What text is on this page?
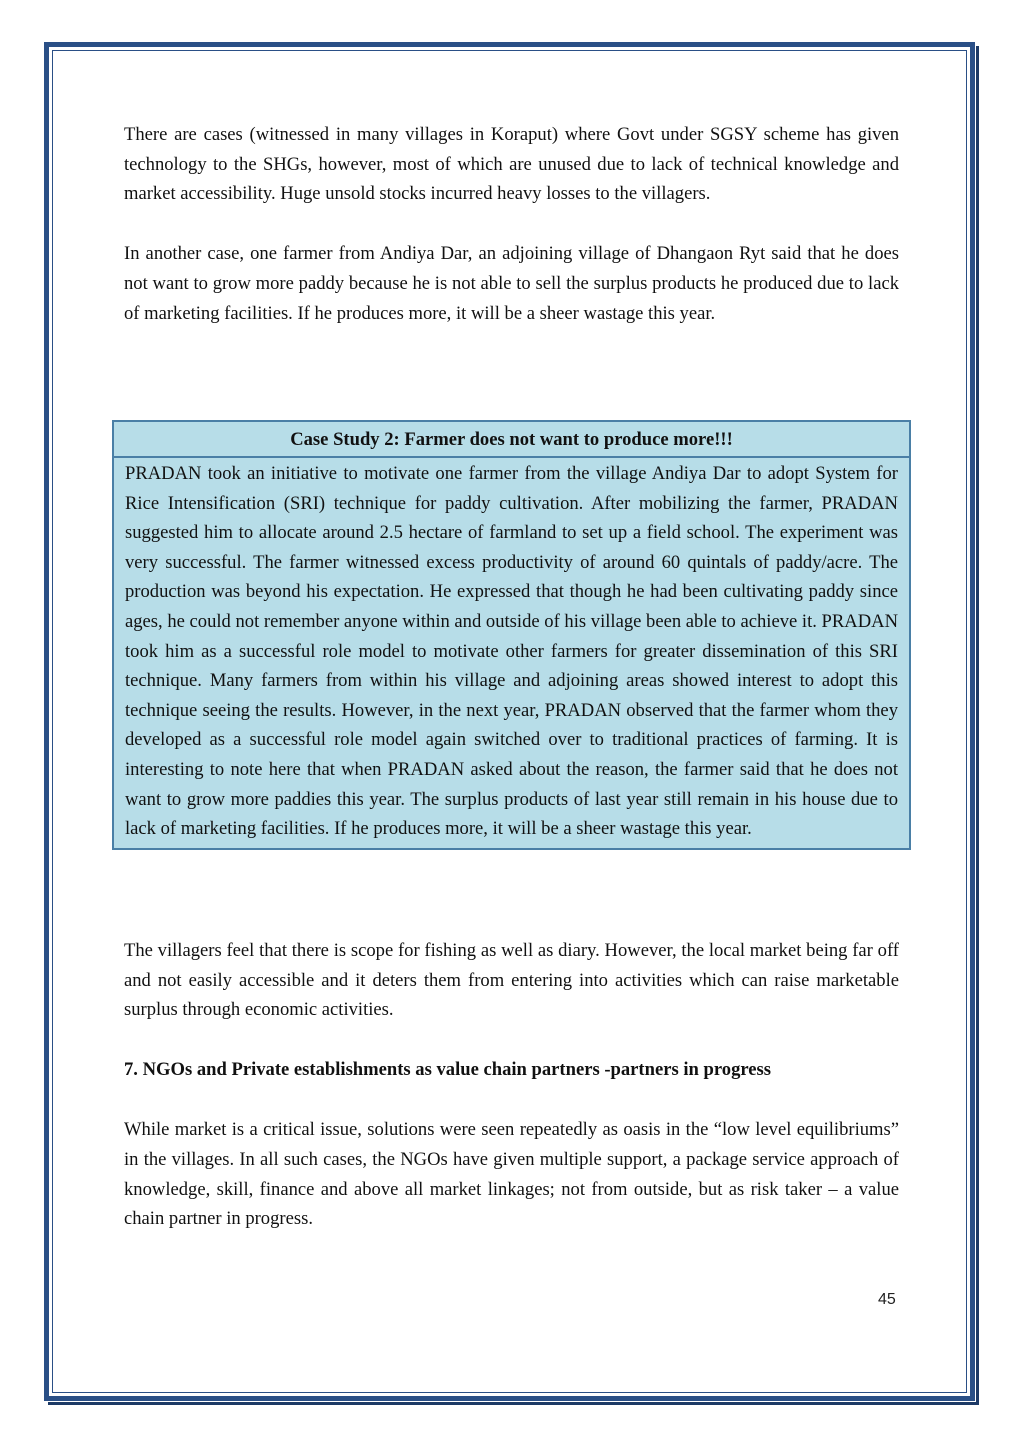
There are cases (witnessed in many villages in Koraput) where Govt under SGSY scheme has given technology to the SHGs, however, most of which are unused due to lack of technical knowledge and market accessibility. Huge unsold stocks incurred heavy losses to the villagers.

In another case, one farmer from Andiya Dar, an adjoining village of Dhangaon Ryt said that he does not want to grow more paddy because he is not able to sell the surplus products he produced due to lack of marketing facilities. If he produces more, it will be a sheer wastage this year.

Case Study 2: Farmer does not want to produce more!!!
PRADAN took an initiative to motivate one farmer from the village Andiya Dar to adopt System for Rice Intensification (SRI) technique for paddy cultivation. After mobilizing the farmer, PRADAN suggested him to allocate around 2.5 hectare of farmland to set up a field school. The experiment was very successful. The farmer witnessed excess productivity of around 60 quintals of paddy/acre. The production was beyond his expectation. He expressed that though he had been cultivating paddy since ages, he could not remember anyone within and outside of his village been able to achieve it. PRADAN took him as a successful role model to motivate other farmers for greater dissemination of this SRI technique. Many farmers from within his village and adjoining areas showed interest to adopt this technique seeing the results. However, in the next year, PRADAN observed that the farmer whom they developed as a successful role model again switched over to traditional practices of farming. It is interesting to note here that when PRADAN asked about the reason, the farmer said that he does not want to grow more paddies this year. The surplus products of last year still remain in his house due to lack of marketing facilities. If he produces more, it will be a sheer wastage this year.

The villagers feel that there is scope for fishing as well as diary. However, the local market being far off and not easily accessible and it deters them from entering into activities which can raise marketable surplus through economic activities.

7. NGOs and Private establishments as value chain partners -partners in progress

While market is a critical issue, solutions were seen repeatedly as oasis in the “low level equilibriums” in the villages. In all such cases, the NGOs have given multiple support, a package service approach of knowledge, skill, finance and above all market linkages; not from outside, but as risk taker – a value chain partner in progress.

45
